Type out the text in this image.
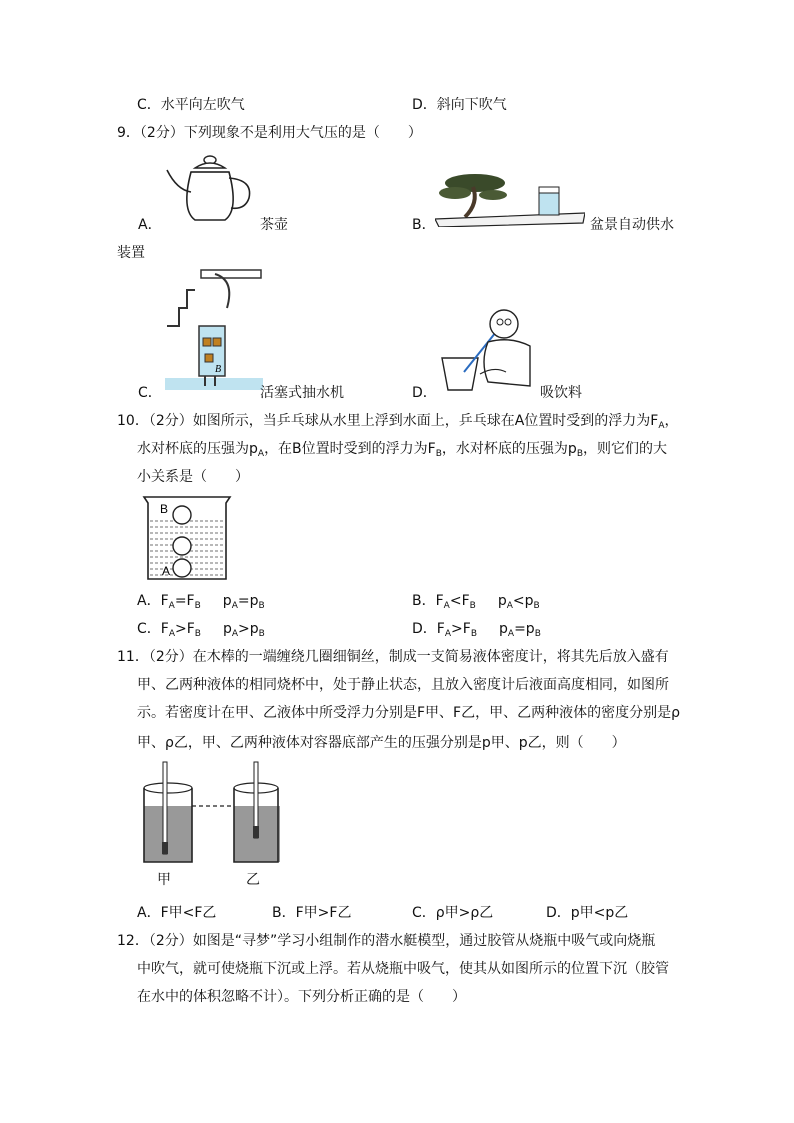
C．水平向左吹气	D．斜向下吹气
9．（2分）下列现象不是利用大气压的是（　　）
A．	茶壶	B．	盆景自动供水
装置
B
C．	活塞式抽水机	D．	吸饮料
10．（2分）如图所示，当乒乓球从水里上浮到水面上，乒乓球在A位置时受到的浮力为$F_A$，
水对杯底的压强为$p_A$，在B位置时受到的浮力为$F_B$，水对杯底的压强为$p_B$，则它们的大
小关系是（　　）
B
A
A．$F_A=F_B$ $p_A=p_B$	B．$F_A<F_B$ $p_A<p_B$
C．$F_A>F_B$ $p_A>p_B$	D．$F_A>F_B$ $p_A=p_B$
11．（2分）在木棒的一端缠绕几圈细铜丝，制成一支简易液体密度计，将其先后放入盛有
甲、乙两种液体的相同烧杯中，处于静止状态，且放入密度计后液面高度相同，如图所
示。若密度计在甲、乙液体中所受浮力分别是F甲、F乙，甲、乙两种液体的密度分别是ρ
甲、ρ乙，甲、乙两种液体对容器底部产生的压强分别是p甲、p乙，则（　　）
甲	乙
A．F甲<F乙	B．F甲>F乙	C．ρ甲>ρ乙	D．p甲<p乙
12．（2分）如图是“寻梦”学习小组制作的潜水艇模型，通过胶管从烧瓶中吸气或向烧瓶
中吹气，就可使烧瓶下沉或上浮。若从烧瓶中吸气，使其从如图所示的位置下沉（胶管
在水中的体积忽略不计）。下列分析正确的是（　　）
